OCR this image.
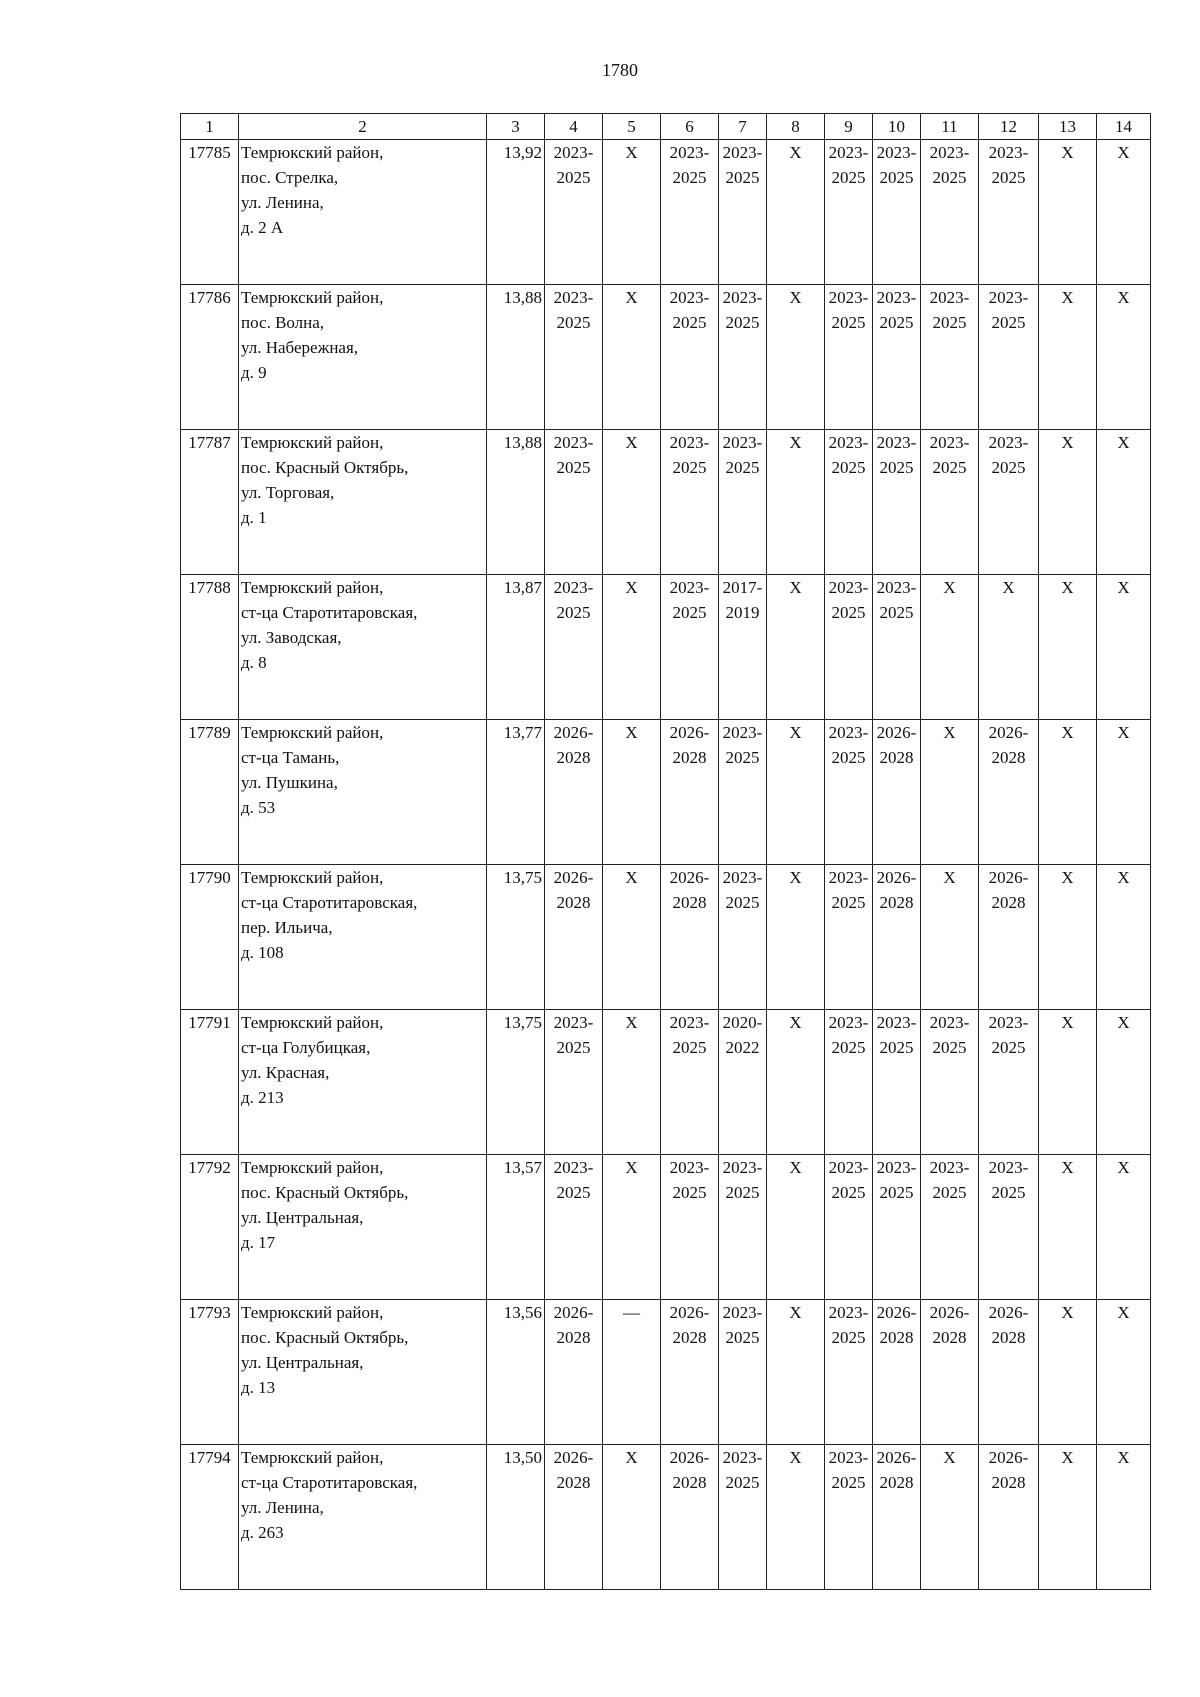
1780
1	2	3	4	5	6	7	8	9	10	11	12	13	14
17785	Темрюкский район,
пос. Стрелка,
ул. Ленина,
д. 2 А	13,92	2023-
2025	X	2023-
2025	2023-
2025	X	2023-
2025	2023-
2025	2023-
2025	2023-
2025	X	X

17786	Темрюкский район,
пос. Волна,
ул. Набережная,
д. 9	13,88	2023-
2025	X	2023-
2025	2023-
2025	X	2023-
2025	2023-
2025	2023-
2025	2023-
2025	X	X

17787	Темрюкский район,
пос. Красный Октябрь,
ул. Торговая,
д. 1	13,88	2023-
2025	X	2023-
2025	2023-
2025	X	2023-
2025	2023-
2025	2023-
2025	2023-
2025	X	X

17788	Темрюкский район,
ст-ца Старотитаровская,
ул. Заводская,
д. 8	13,87	2023-
2025	X	2023-
2025	2017-
2019	X	2023-
2025	2023-
2025	X	X	X	X

17789	Темрюкский район,
ст-ца Тамань,
ул. Пушкина,
д. 53	13,77	2026-
2028	X	2026-
2028	2023-
2025	X	2023-
2025	2026-
2028	X	2026-
2028	X	X

17790	Темрюкский район,
ст-ца Старотитаровская,
пер. Ильича,
д. 108	13,75	2026-
2028	X	2026-
2028	2023-
2025	X	2023-
2025	2026-
2028	X	2026-
2028	X	X

17791	Темрюкский район,
ст-ца Голубицкая,
ул. Красная,
д. 213	13,75	2023-
2025	X	2023-
2025	2020-
2022	X	2023-
2025	2023-
2025	2023-
2025	2023-
2025	X	X

17792	Темрюкский район,
пос. Красный Октябрь,
ул. Центральная,
д. 17	13,57	2023-
2025	X	2023-
2025	2023-
2025	X	2023-
2025	2023-
2025	2023-
2025	2023-
2025	X	X

17793	Темрюкский район,
пос. Красный Октябрь,
ул. Центральная,
д. 13	13,56	2026-
2028	—	2026-
2028	2023-
2025	X	2023-
2025	2026-
2028	2026-
2028	2026-
2028	X	X

17794	Темрюкский район,
ст-ца Старотитаровская,
ул. Ленина,
д. 263	13,50	2026-
2028	X	2026-
2028	2023-
2025	X	2023-
2025	2026-
2028	X	2026-
2028	X	X
